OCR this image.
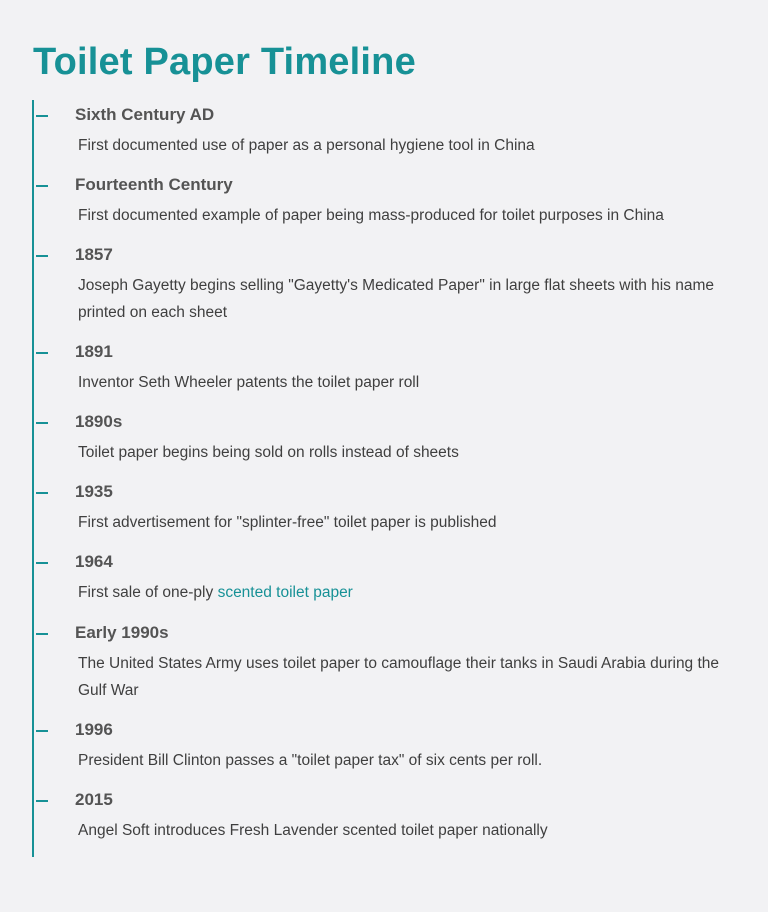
Toilet Paper Timeline
Sixth Century AD
First documented use of paper as a personal hygiene tool in China
Fourteenth Century
First documented example of paper being mass-produced for toilet purposes in China
1857
Joseph Gayetty begins selling "Gayetty's Medicated Paper" in large flat sheets with his name printed on each sheet
1891
Inventor Seth Wheeler patents the toilet paper roll
1890s
Toilet paper begins being sold on rolls instead of sheets
1935
First advertisement for "splinter-free" toilet paper is published
1964
First sale of one-ply scented toilet paper
Early 1990s
The United States Army uses toilet paper to camouflage their tanks in Saudi Arabia during the Gulf War
1996
President Bill Clinton passes a "toilet paper tax" of six cents per roll.
2015
Angel Soft introduces Fresh Lavender scented toilet paper nationally
